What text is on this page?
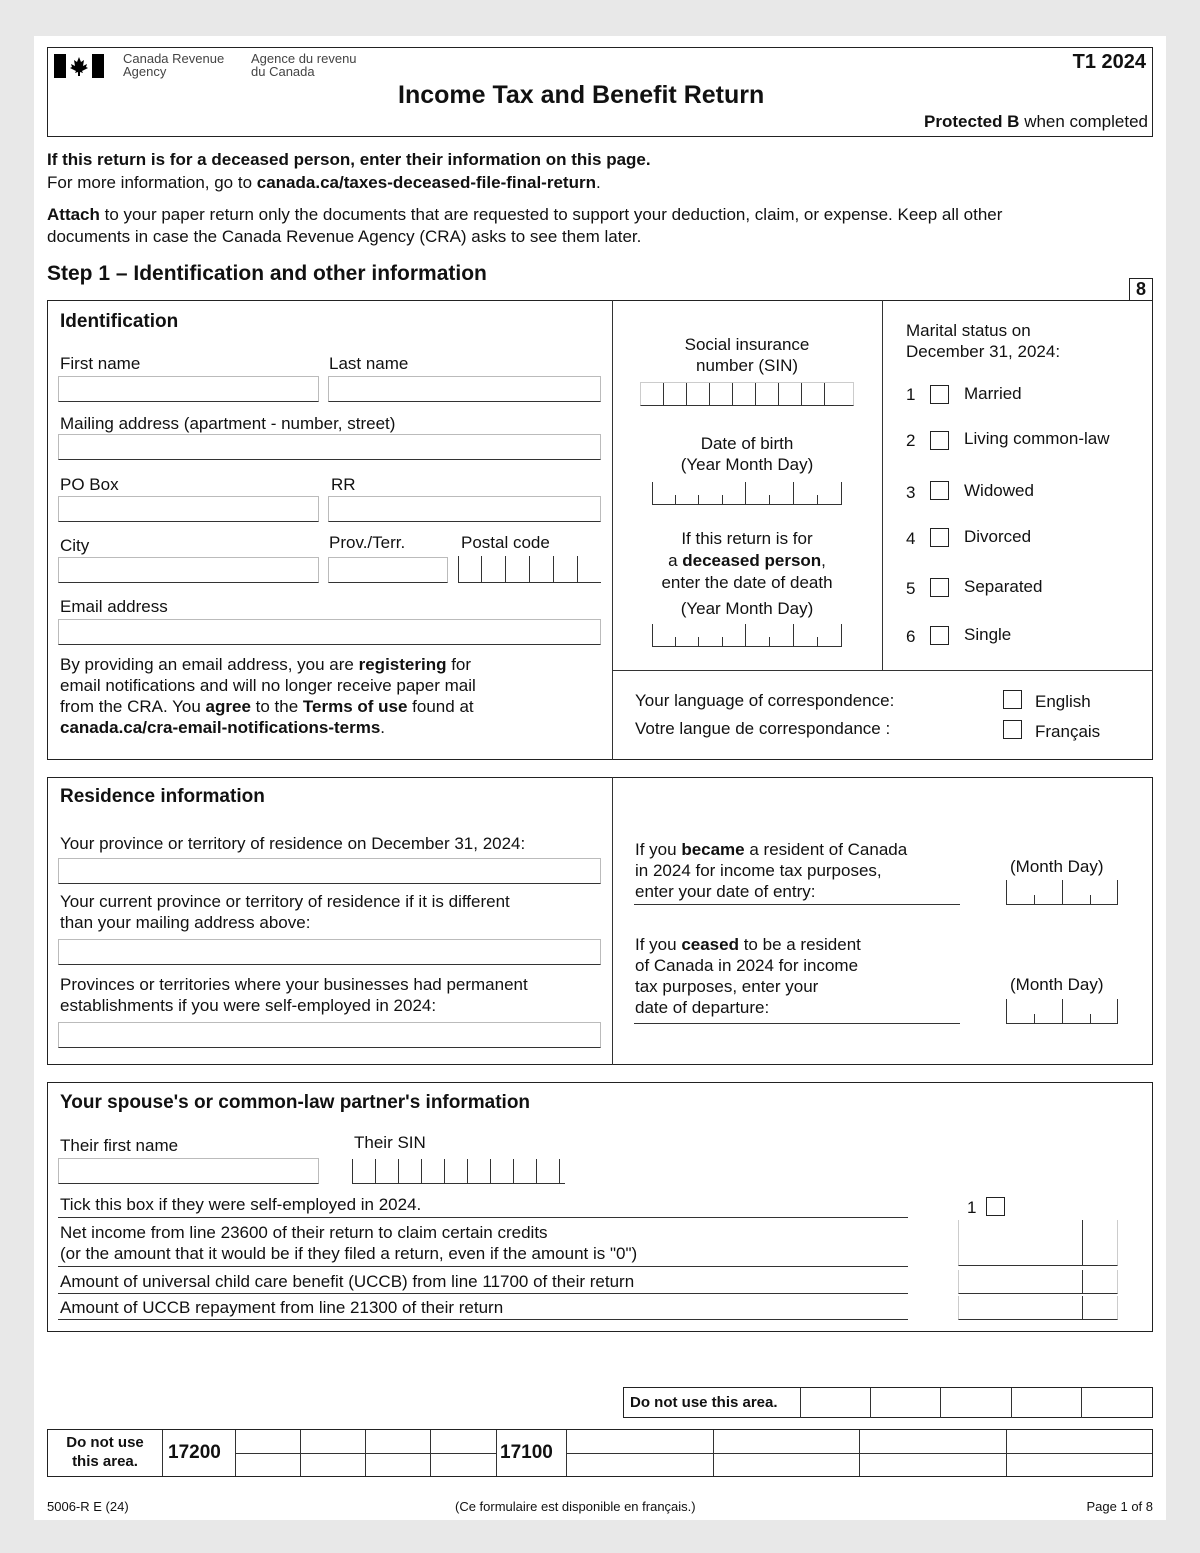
Canada Revenue
Agency
Agence du revenu
du Canada	T1 2024
Income Tax and Benefit Return
Protected B when completed
If this return is for a deceased person, enter their information on this page.
For more information, go to canada.ca/taxes-deceased-file-final-return.
Attach to your paper return only the documents that are requested to support your deduction, claim, or expense. Keep all other
documents in case the Canada Revenue Agency (CRA) asks to see them later.
Step 1 – Identification and other information
8
Identification
First name	Last name
Mailing address (apartment - number, street)
PO Box	RR
City	Prov./Terr.	Postal code
Email address
By providing an email address, you are registering for
email notifications and will no longer receive paper mail
from the CRA. You agree to the Terms of use found at
canada.ca/cra-email-notifications-terms.
Social insurance
number (SIN)
Date of birth
(Year Month Day)
If this return is for
a deceased person,
enter the date of death
(Year Month Day)
Marital status on
December 31, 2024:
1	Married
2	Living common-law
3	Widowed
4	Divorced
5	Separated
6	Single
Your language of correspondence:
Votre langue de correspondance :
English
Français
Residence information
Your province or territory of residence on December 31, 2024:
Your current province or territory of residence if it is different
than your mailing address above:
Provinces or territories where your businesses had permanent
establishments if you were self-employed in 2024:
If you became a resident of Canada
in 2024 for income tax purposes,
enter your date of entry:
(Month Day)
If you ceased to be a resident
of Canada in 2024 for income
tax purposes, enter your
date of departure:
(Month Day)
Your spouse's or common-law partner's information
Their first name	Their SIN
Tick this box if they were self-employed in 2024.	1
Net income from line 23600 of their return to claim certain credits
(or the amount that it would be if they filed a return, even if the amount is "0")
Amount of universal child care benefit (UCCB) from line 11700 of their return
Amount of UCCB repayment from line 21300 of their return
Do not use this area.
Do not use
this area.	17200	17100
5006-R E (24)	(Ce formulaire est disponible en français.)	Page 1 of 8
